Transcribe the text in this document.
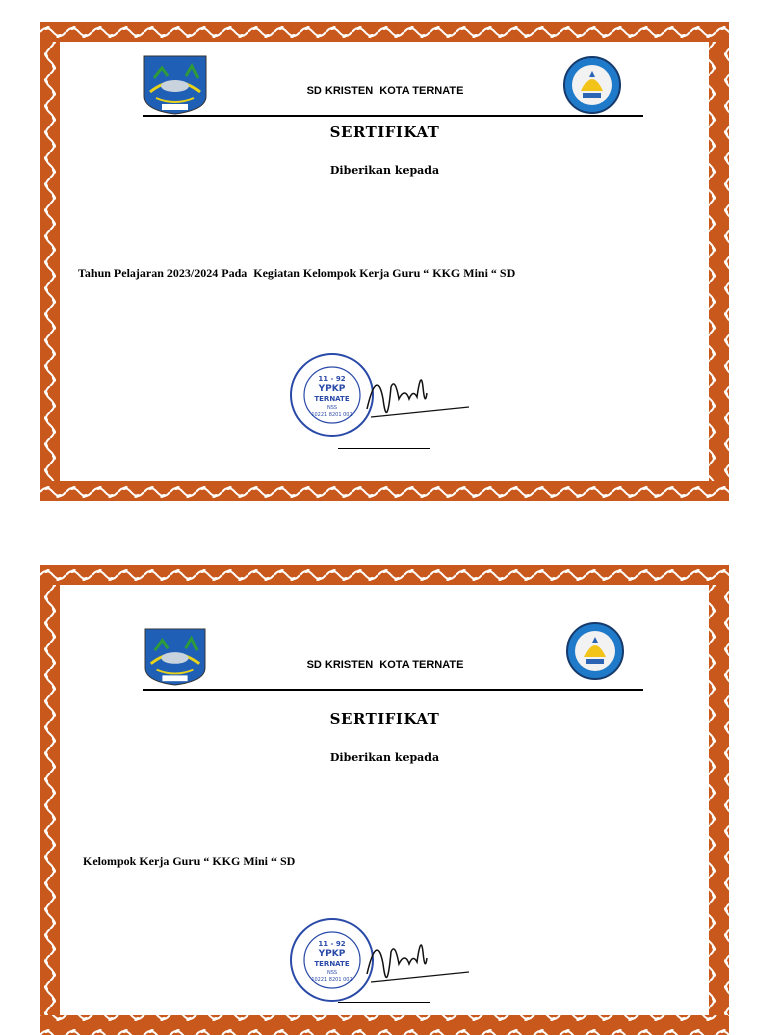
SD KRISTEN  KOTA TERNATE
SERTIFIKAT
Diberikan kepada
Tahun Pelajaran 2023/2024 Pada  Kegiatan Kelompok Kerja Guru “ KKG Mini “ SD
11 - 92
YPKP
TERNATE
NSS
10221 8201 002
SD KRISTEN  KOTA TERNATE
SERTIFIKAT
Diberikan kepada
Kelompok Kerja Guru “ KKG Mini “ SD
11 - 92
YPKP
TERNATE
NSS
10221 8201 002
